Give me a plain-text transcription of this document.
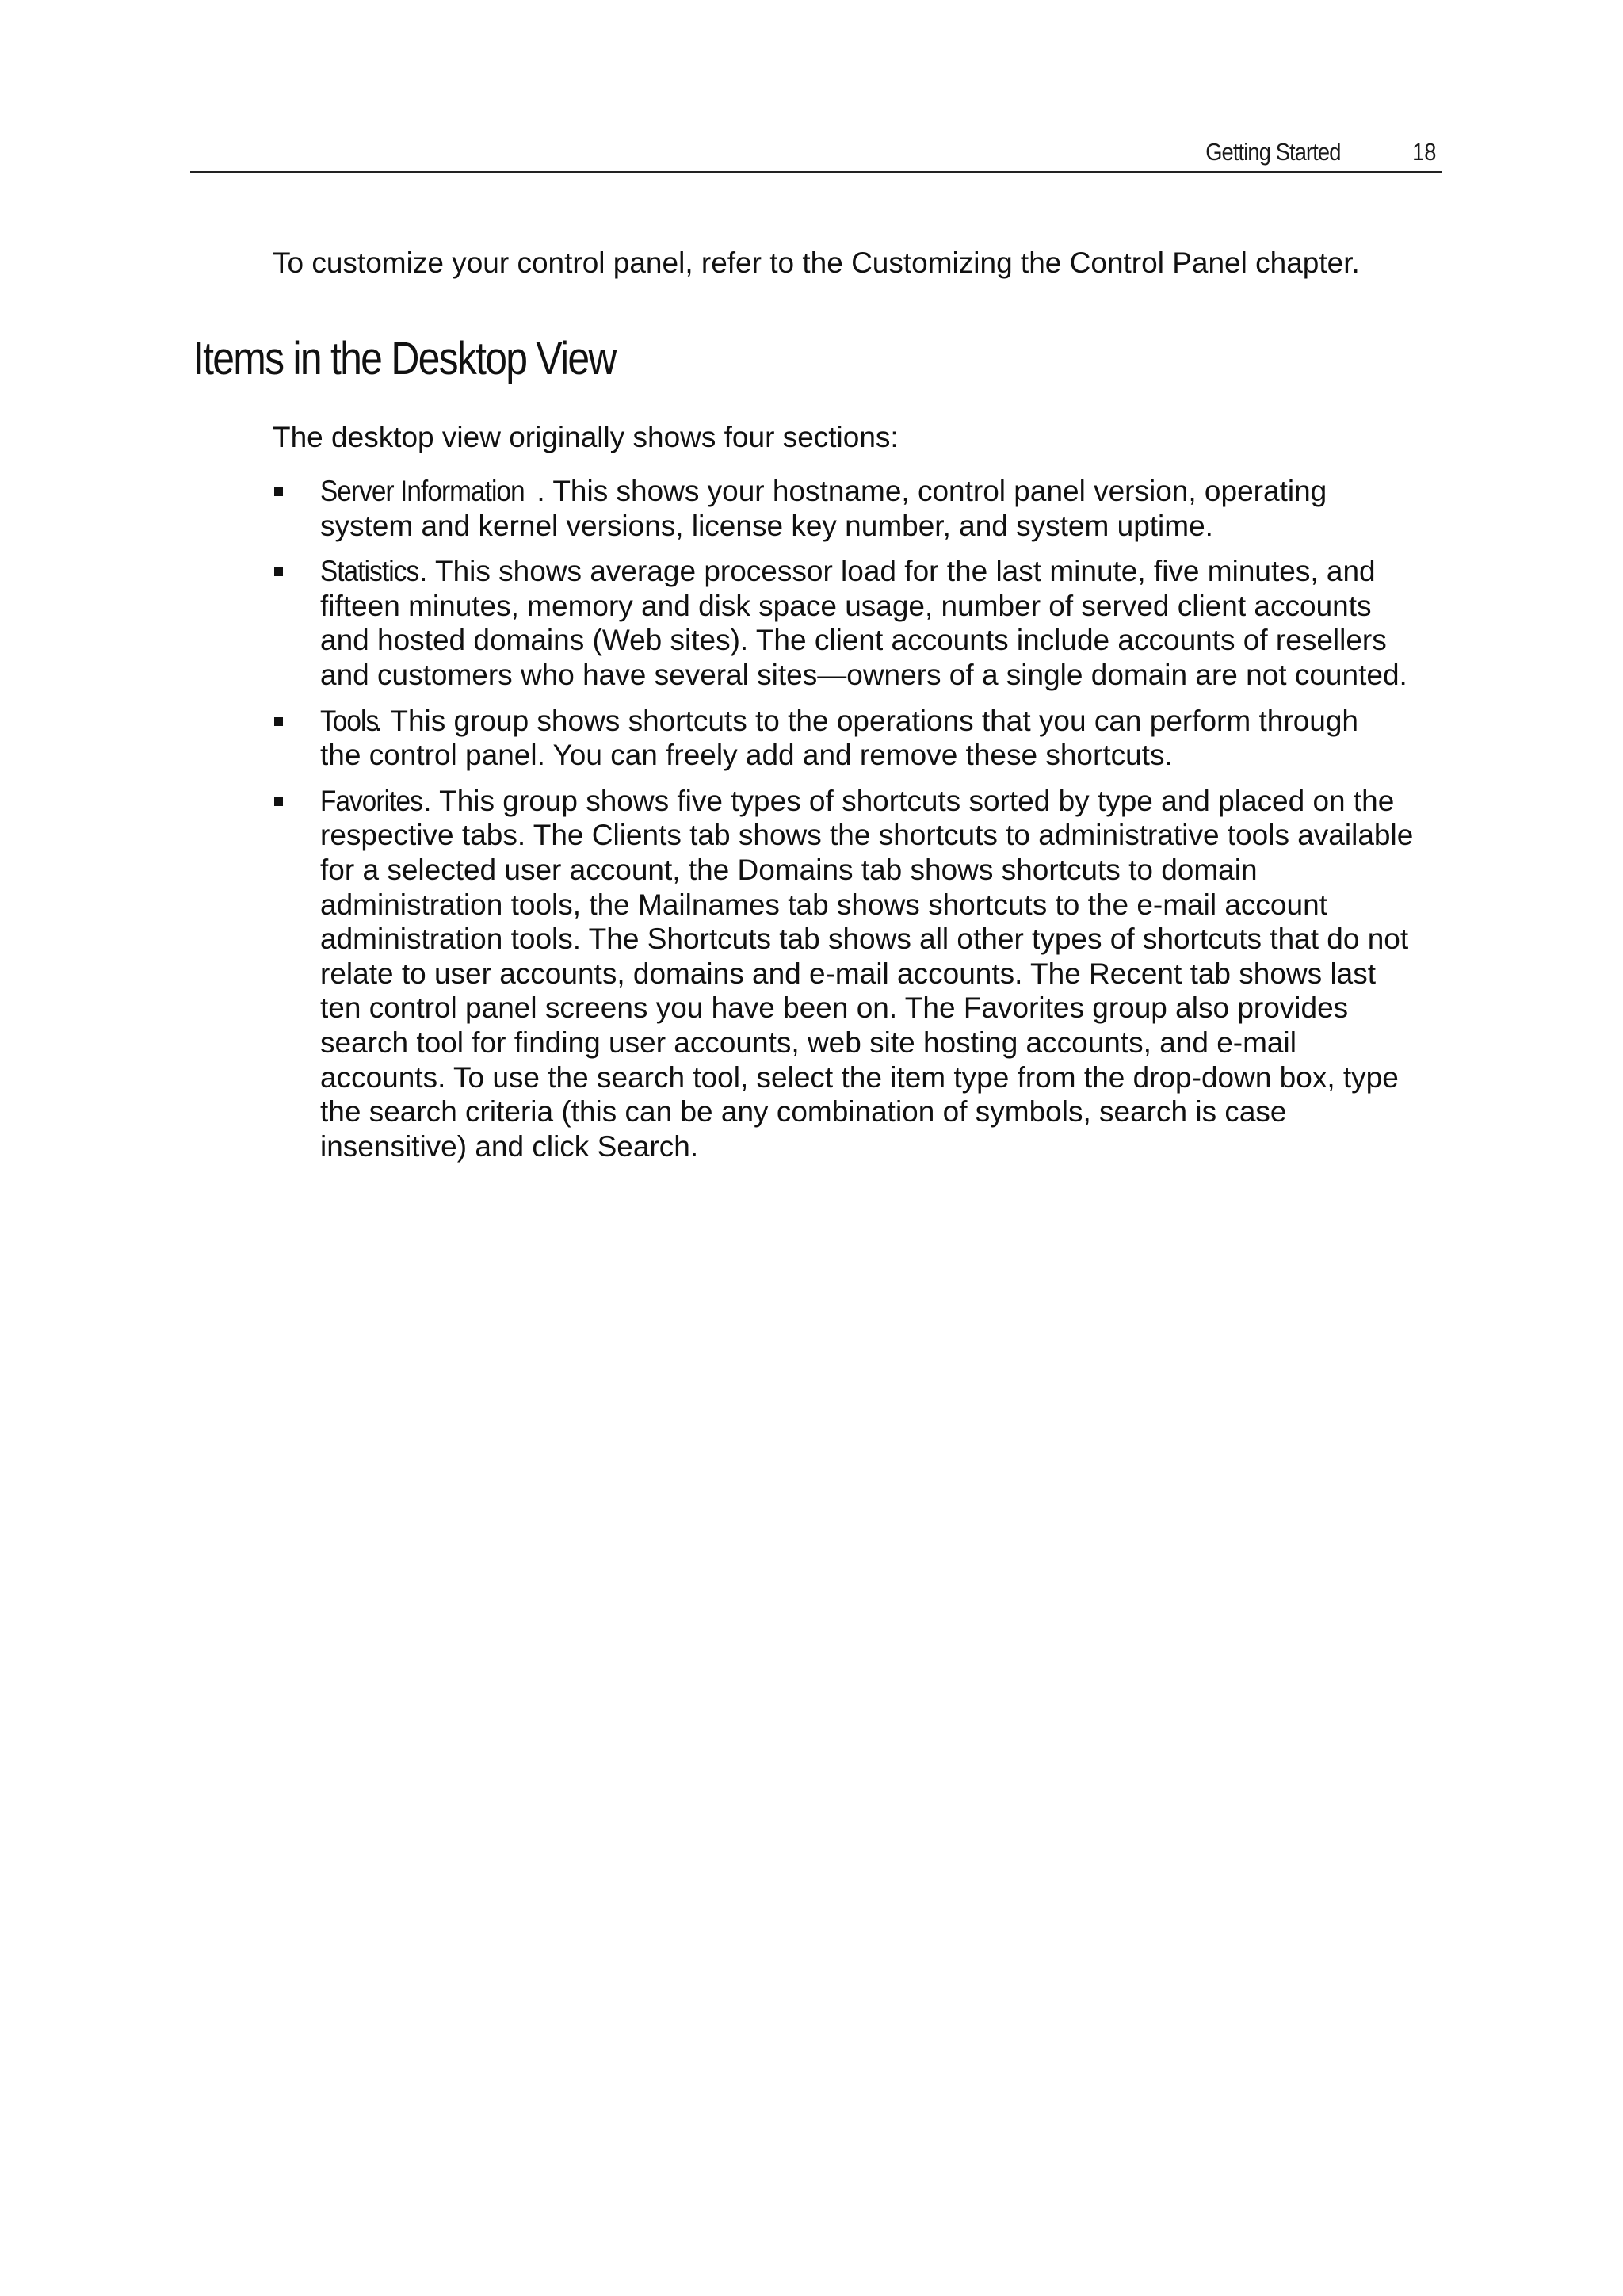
Getting Started	18

To customize your control panel, refer to the Customizing the Control Panel chapter.

Items in the Desktop View

The desktop view originally shows four sections:

Server Information . This shows your hostname, control panel version, operating
system and kernel versions, license key number, and system uptime.
Statistics. This shows average processor load for the last minute, five minutes, and
fifteen minutes, memory and disk space usage, number of served client accounts
and hosted domains (Web sites). The client accounts include accounts of resellers
and customers who have several sites—owners of a single domain are not counted.
Tools. This group shows shortcuts to the operations that you can perform through
the control panel. You can freely add and remove these shortcuts.
Favorites. This group shows five types of shortcuts sorted by type and placed on the
respective tabs. The Clients tab shows the shortcuts to administrative tools available
for a selected user account, the Domains tab shows shortcuts to domain
administration tools, the Mailnames tab shows shortcuts to the e-mail account
administration tools. The Shortcuts tab shows all other types of shortcuts that do not
relate to user accounts, domains and e-mail accounts. The Recent tab shows last
ten control panel screens you have been on. The Favorites group also provides
search tool for finding user accounts, web site hosting accounts, and e-mail
accounts. To use the search tool, select the item type from the drop-down box, type
the search criteria (this can be any combination of symbols, search is case
insensitive) and click Search.
